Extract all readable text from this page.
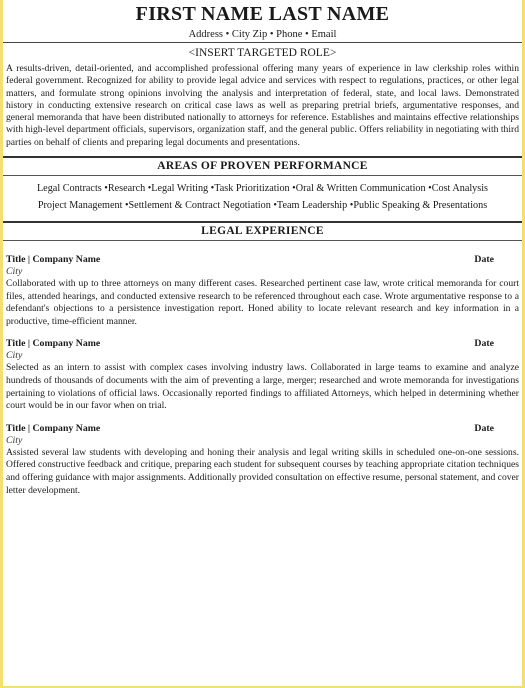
FIRST NAME LAST NAME
Address • City Zip • Phone • Email
<INSERT TARGETED ROLE>
A results-driven, detail-oriented, and accomplished professional offering many years of experience in law clerkship roles within federal government. Recognized for ability to provide legal advice and services with respect to regulations, practices, or other legal matters, and formulate strong opinions involving the analysis and interpretation of federal, state, and local laws. Demonstrated history in conducting extensive research on critical case laws as well as preparing pretrial briefs, argumentative responses, and general memoranda that have been distributed nationally to attorneys for reference. Establishes and maintains effective relationships with high-level department officials, supervisors, organization staff, and the general public. Offers reliability in negotiating with third parties on behalf of clients and preparing legal documents and presentations.
AREAS OF PROVEN PERFORMANCE
Legal Contracts •Research •Legal Writing •Task Prioritization •Oral & Written Communication •Cost Analysis
Project Management •Settlement & Contract Negotiation •Team Leadership •Public Speaking & Presentations
LEGAL EXPERIENCE
Title | Company Name	Date
City
Collaborated with up to three attorneys on many different cases. Researched pertinent case law, wrote critical memoranda for court files, attended hearings, and conducted extensive research to be referenced throughout each case. Wrote argumentative response to a defendant's objections to a persistence investigation report. Honed ability to locate relevant research and key information in a productive, time-efficient manner.
Title | Company Name	Date
City
Selected as an intern to assist with complex cases involving industry laws. Collaborated in large teams to examine and analyze hundreds of thousands of documents with the aim of preventing a large, merger; researched and wrote memoranda for investigations pertaining to violations of official laws. Occasionally reported findings to affiliated Attorneys, which helped in determining whether court would be in our favor when on trial.
Title | Company Name	Date
City
Assisted several law students with developing and honing their analysis and legal writing skills in scheduled one-on-one sessions. Offered constructive feedback and critique, preparing each student for subsequent courses by teaching appropriate citation techniques and offering guidance with major assignments. Additionally provided consultation on effective resume, personal statement, and cover letter development.
